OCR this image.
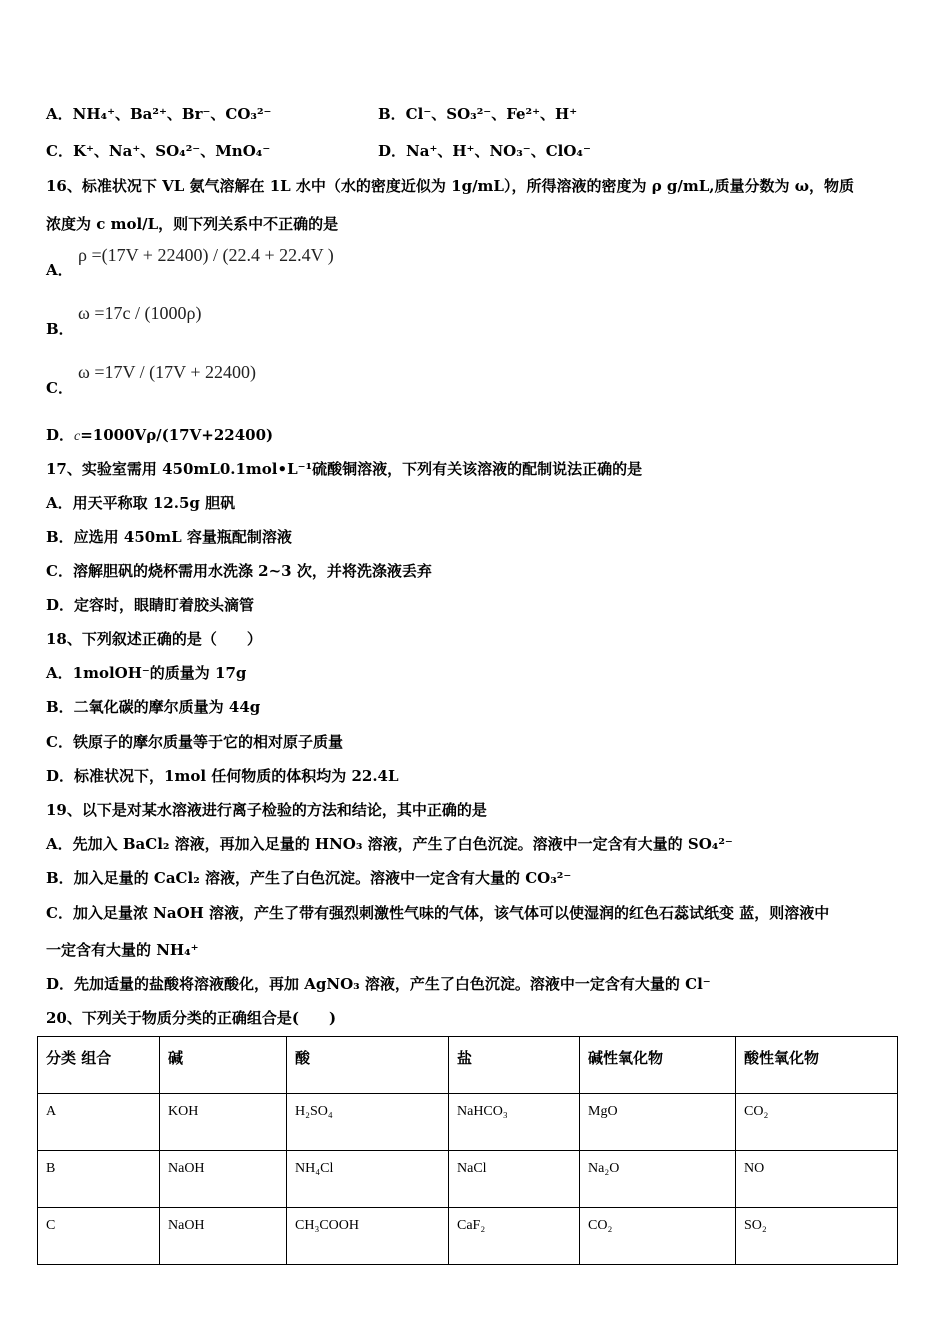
A．NH₄⁺、Ba²⁺、Br⁻、CO₃²⁻	B．Cl⁻、SO₃²⁻、Fe²⁺、H⁺
C．K⁺、Na⁺、SO₄²⁻、MnO₄⁻	D．Na⁺、H⁺、NO₃⁻、ClO₄⁻
16、标准状况下 VL 氨气溶解在 1L 水中（水的密度近似为 1g/mL），所得溶液的密度为 ρ g/mL,质量分数为 ω，物质
浓度为 c mol/L，则下列关系中不正确的是
A．
ρ =(17V + 22400) / (22.4 + 22.4V )
B．
ω =17c / (1000ρ)
C．
ω =17V / (17V + 22400)
D．c=1000Vρ/(17V+22400)
17、实验室需用 450mL0.1mol•L⁻¹硫酸铜溶液，下列有关该溶液的配制说法正确的是
A．用天平称取 12.5g 胆矾
B．应选用 450mL 容量瓶配制溶液
C．溶解胆矾的烧杯需用水洗涤 2~3 次，并将洗涤液丢弃
D．定容时，眼睛盯着胶头滴管
18、下列叙述正确的是（　　）
A．1molOH⁻的质量为 17g
B．二氧化碳的摩尔质量为 44g
C．铁原子的摩尔质量等于它的相对原子质量
D．标准状况下，1mol 任何物质的体积均为 22.4L
19、以下是对某水溶液进行离子检验的方法和结论，其中正确的是
A．先加入 BaCl₂ 溶液，再加入足量的 HNO₃ 溶液，产生了白色沉淀。溶液中一定含有大量的 SO₄²⁻
B．加入足量的 CaCl₂ 溶液，产生了白色沉淀。溶液中一定含有大量的 CO₃²⁻
C．加入足量浓 NaOH 溶液，产生了带有强烈刺激性气味的气体，该气体可以使湿润的红色石蕊试纸变 蓝，则溶液中
一定含有大量的 NH₄⁺
D．先加适量的盐酸将溶液酸化，再加 AgNO₃ 溶液，产生了白色沉淀。溶液中一定含有大量的 Cl⁻
20、下列关于物质分类的正确组合是(　　)
分类 组合	碱	酸	盐	碱性氧化物	酸性氧化物
A	KOH	H₂SO₄	NaHCO₃	MgO	CO₂
B	NaOH	NH₄Cl	NaCl	Na₂O	NO
C	NaOH	CH₃COOH	CaF₂	CO₂	SO₂
